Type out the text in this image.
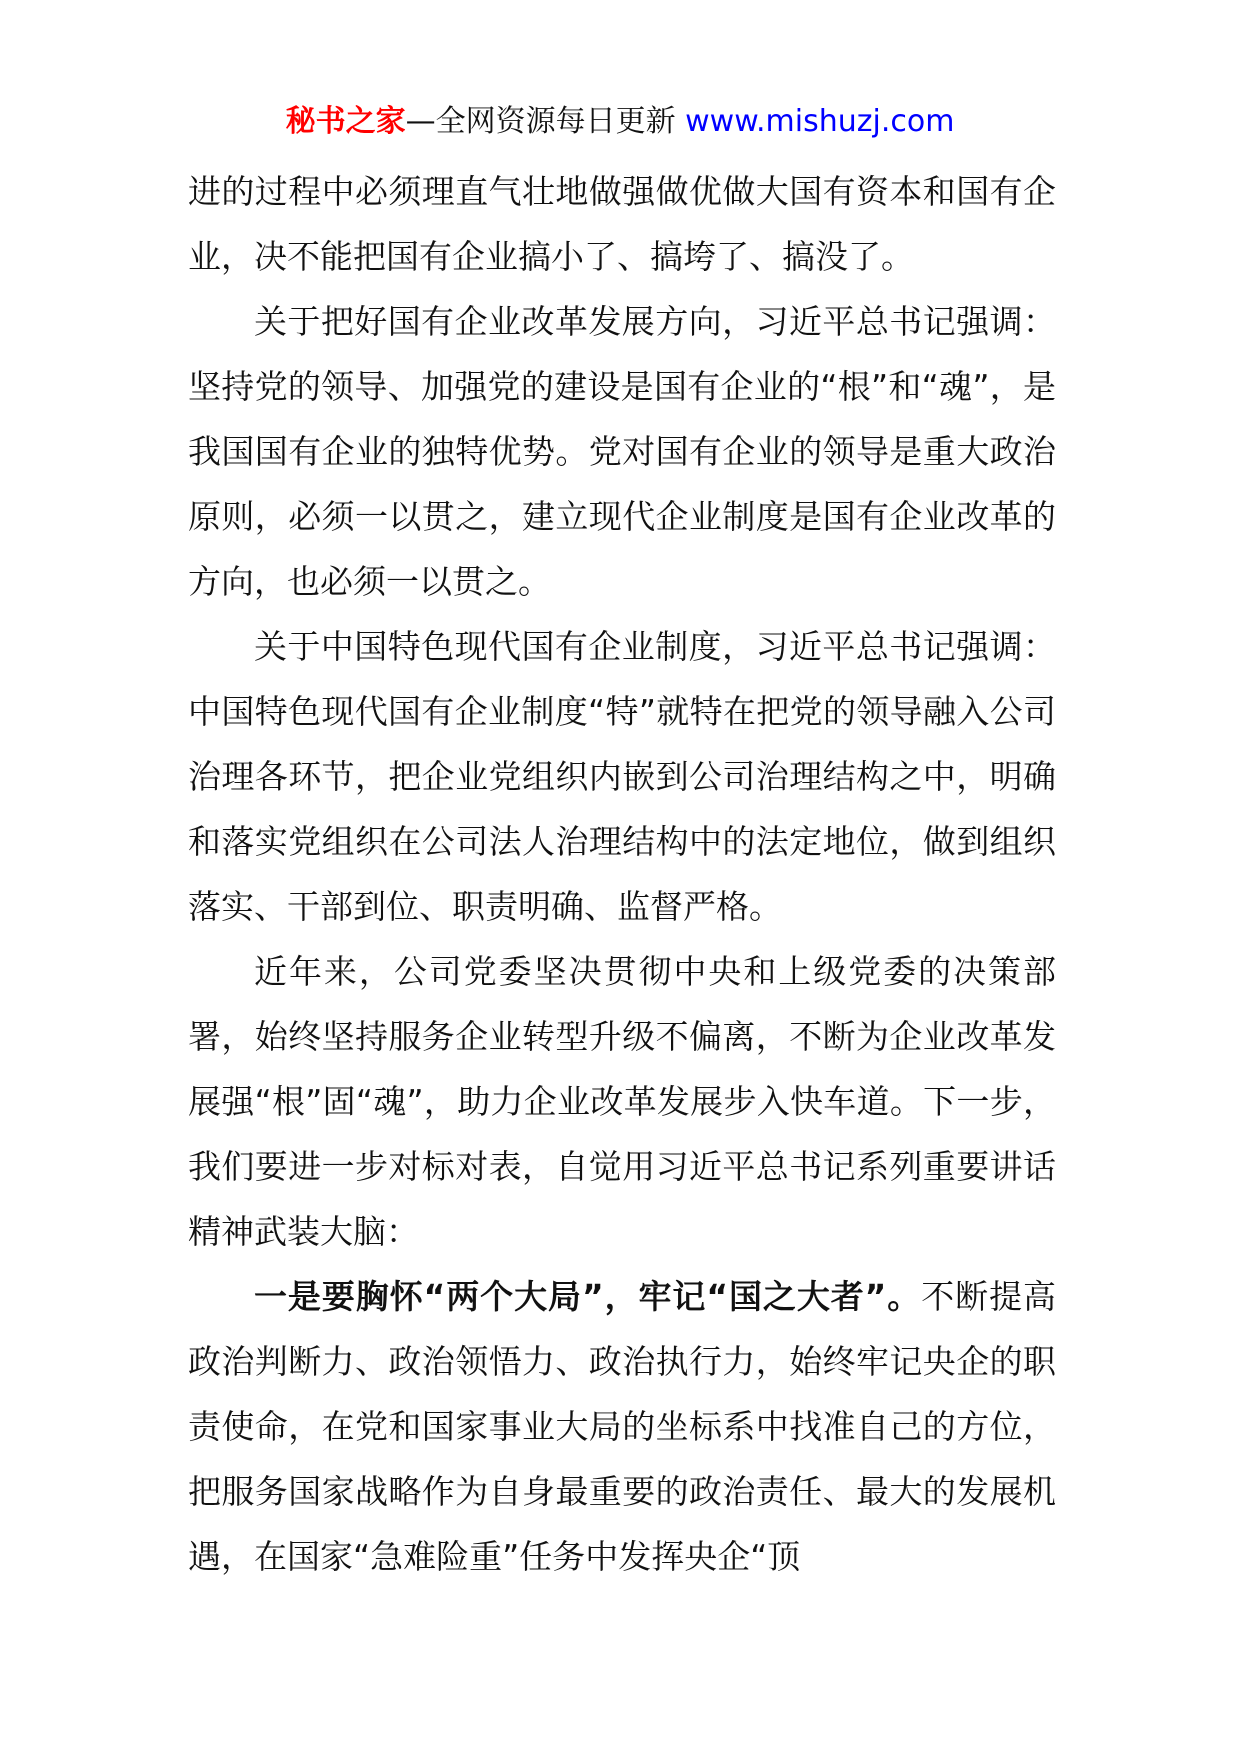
秘书之家—全网资源每日更新 www.mishuzj.com

进的过程中必须理直气壮地做强做优做大国有资本和国有企业，决不能把国有企业搞小了、搞垮了、搞没了。

关于把好国有企业改革发展方向，习近平总书记强调：坚持党的领导、加强党的建设是国有企业的“根”和“魂”，是我国国有企业的独特优势。党对国有企业的领导是重大政治原则，必须一以贯之，建立现代企业制度是国有企业改革的方向，也必须一以贯之。

关于中国特色现代国有企业制度，习近平总书记强调：中国特色现代国有企业制度“特”就特在把党的领导融入公司治理各环节，把企业党组织内嵌到公司治理结构之中，明确和落实党组织在公司法人治理结构中的法定地位，做到组织落实、干部到位、职责明确、监督严格。

近年来，公司党委坚决贯彻中央和上级党委的决策部署，始终坚持服务企业转型升级不偏离，不断为企业改革发展强“根”固“魂”，助力企业改革发展步入快车道。下一步，我们要进一步对标对表，自觉用习近平总书记系列重要讲话精神武装大脑：

一是要胸怀“两个大局”，牢记“国之大者”。不断提高政治判断力、政治领悟力、政治执行力，始终牢记央企的职责使命，在党和国家事业大局的坐标系中找准自己的方位，把服务国家战略作为自身最重要的政治责任、最大的发展机遇，在国家“急难险重”任务中发挥央企“顶
